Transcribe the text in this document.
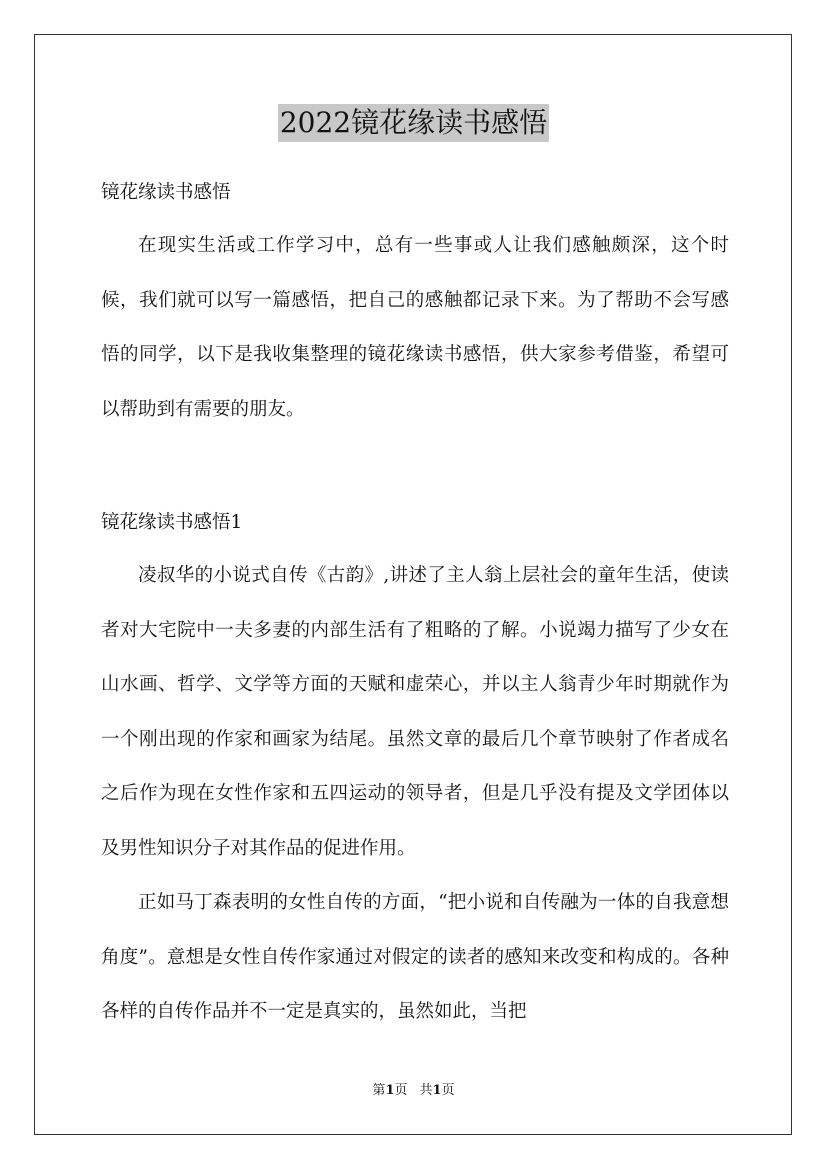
2022镜花缘读书感悟

镜花缘读书感悟

在现实生活或工作学习中，总有一些事或人让我们感触颇深，这个时候，我们就可以写一篇感悟，把自己的感触都记录下来。为了帮助不会写感悟的同学，以下是我收集整理的镜花缘读书感悟，供大家参考借鉴，希望可以帮助到有需要的朋友。

镜花缘读书感悟1

凌叔华的小说式自传《古韵》,讲述了主人翁上层社会的童年生活，使读者对大宅院中一夫多妻的内部生活有了粗略的了解。小说竭力描写了少女在山水画、哲学、文学等方面的天赋和虚荣心，并以主人翁青少年时期就作为一个刚出现的作家和画家为结尾。虽然文章的最后几个章节映射了作者成名之后作为现在女性作家和五四运动的领导者，但是几乎没有提及文学团体以及男性知识分子对其作品的促进作用。

正如马丁森表明的女性自传的方面，“把小说和自传融为一体的自我意想角度”。意想是女性自传作家通过对假定的读者的感知来改变和构成的。各种各样的自传作品并不一定是真实的，虽然如此，当把

第1页 共1页
